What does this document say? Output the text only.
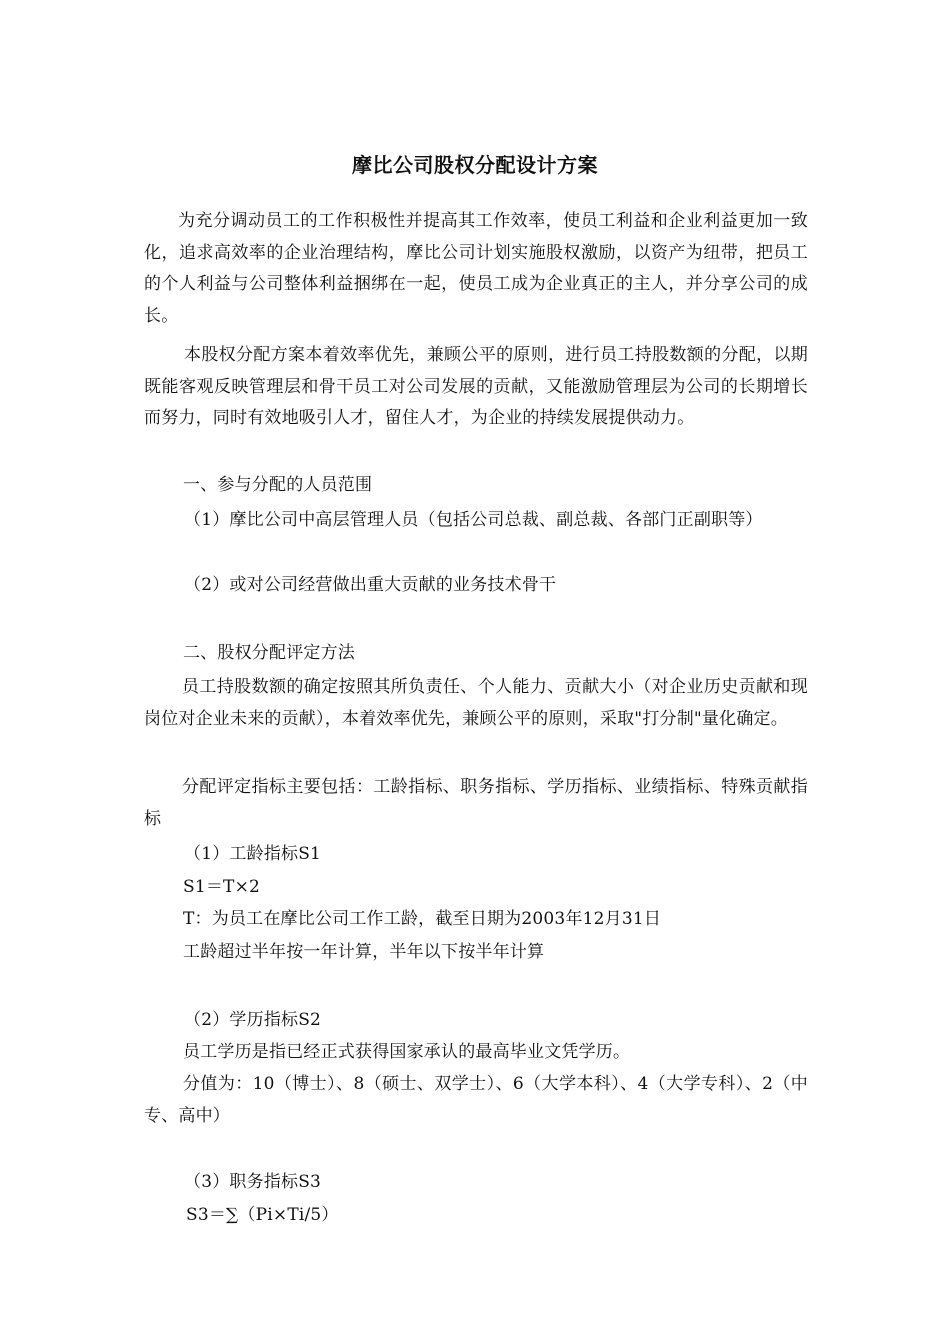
摩比公司股权分配设计方案
为充分调动员工的工作积极性并提高其工作效率，使员工利益和企业利益更加一致化，追求高效率的企业治理结构，摩比公司计划实施股权激励，以资产为纽带，把员工的个人利益与公司整体利益捆绑在一起，使员工成为企业真正的主人，并分享公司的成长。
本股权分配方案本着效率优先，兼顾公平的原则，进行员工持股数额的分配，以期既能客观反映管理层和骨干员工对公司发展的贡献，又能激励管理层为公司的长期增长而努力，同时有效地吸引人才，留住人才，为企业的持续发展提供动力。
一、参与分配的人员范围
（1）摩比公司中高层管理人员（包括公司总裁、副总裁、各部门正副职等）
（2）或对公司经营做出重大贡献的业务技术骨干
二、股权分配评定方法
员工持股数额的确定按照其所负责任、个人能力、贡献大小（对企业历史贡献和现岗位对企业未来的贡献），本着效率优先，兼顾公平的原则，采取"打分制"量化确定。
分配评定指标主要包括：工龄指标、职务指标、学历指标、业绩指标、特殊贡献指标
（1）工龄指标S1
S1＝T×2
T：为员工在摩比公司工作工龄，截至日期为2003年12月31日
工龄超过半年按一年计算，半年以下按半年计算
（2）学历指标S2
员工学历是指已经正式获得国家承认的最高毕业文凭学历。
分值为：10（博士）、8（硕士、双学士）、6（大学本科）、4（大学专科）、2（中专、高中）
（3）职务指标S3
S3＝∑（Pi×Ti/5）
